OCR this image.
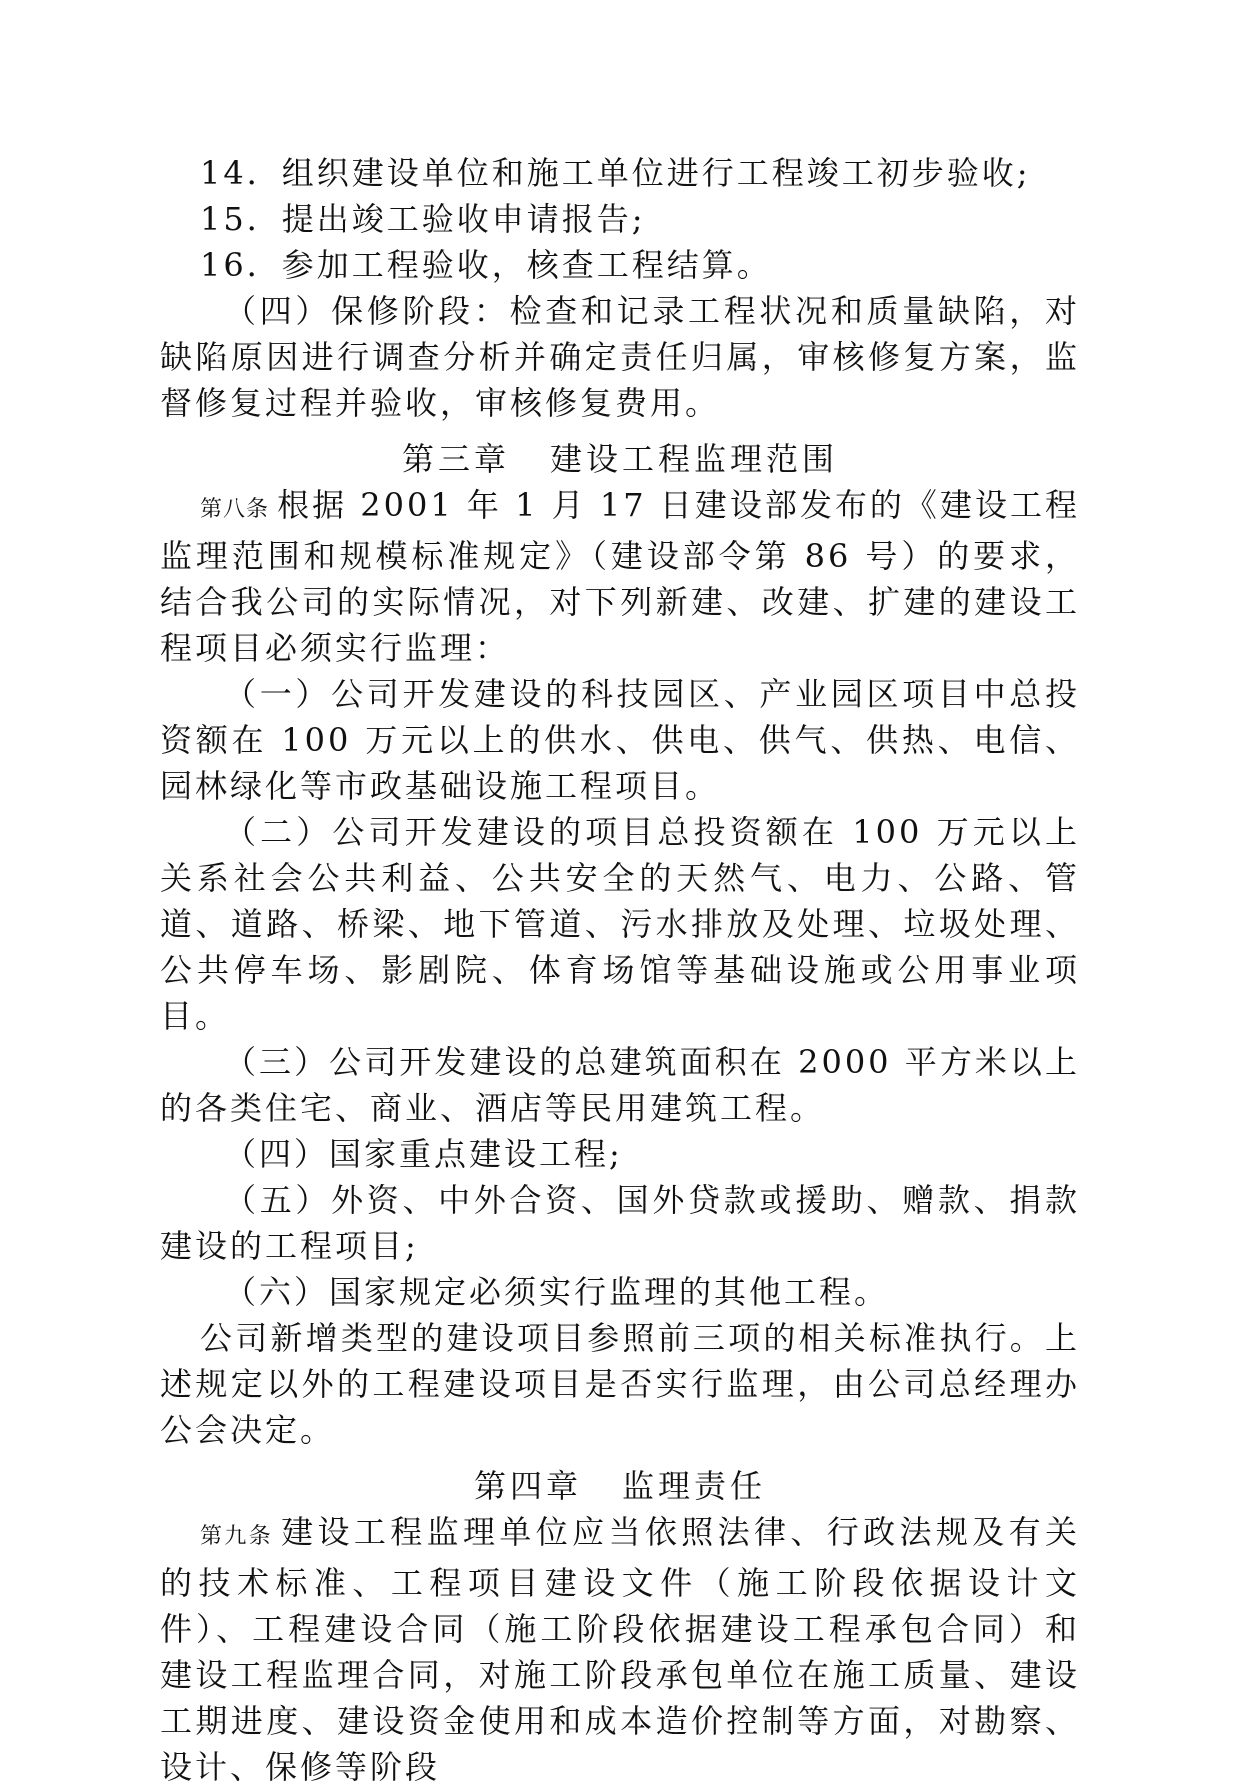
14．组织建设单位和施工单位进行工程竣工初步验收;

15．提出竣工验收申请报告;

16．参加工程验收，核查工程结算。

（四）保修阶段：检查和记录工程状况和质量缺陷，对缺陷原因进行调查分析并确定责任归属，审核修复方案，监督修复过程并验收，审核修复费用。

第三章 建设工程监理范围

第八条 根据 2001 年 1 月 17 日建设部发布的《建设工程监理范围和规模标准规定》（建设部令第 86 号）的要求，结合我公司的实际情况，对下列新建、改建、扩建的建设工程项目必须实行监理：

（一）公司开发建设的科技园区、产业园区项目中总投资额在 100 万元以上的供水、供电、供气、供热、电信、园林绿化等市政基础设施工程项目。

（二）公司开发建设的项目总投资额在 100 万元以上关系社会公共利益、公共安全的天然气、电力、公路、管道、道路、桥梁、地下管道、污水排放及处理、垃圾处理、公共停车场、影剧院、体育场馆等基础设施或公用事业项目。

（三）公司开发建设的总建筑面积在 2000 平方米以上的各类住宅、商业、酒店等民用建筑工程。

（四）国家重点建设工程;

（五）外资、中外合资、国外贷款或援助、赠款、捐款建设的工程项目;

（六）国家规定必须实行监理的其他工程。

公司新增类型的建设项目参照前三项的相关标准执行。上述规定以外的工程建设项目是否实行监理，由公司总经理办公会决定。

第四章 监理责任

第九条 建设工程监理单位应当依照法律、行政法规及有关的技术标准、工程项目建设文件（施工阶段依据设计文件）、工程建设合同（施工阶段依据建设工程承包合同）和建设工程监理合同，对施工阶段承包单位在施工质量、建设工期进度、建设资金使用和成本造价控制等方面，对勘察、设计、保修等阶段
